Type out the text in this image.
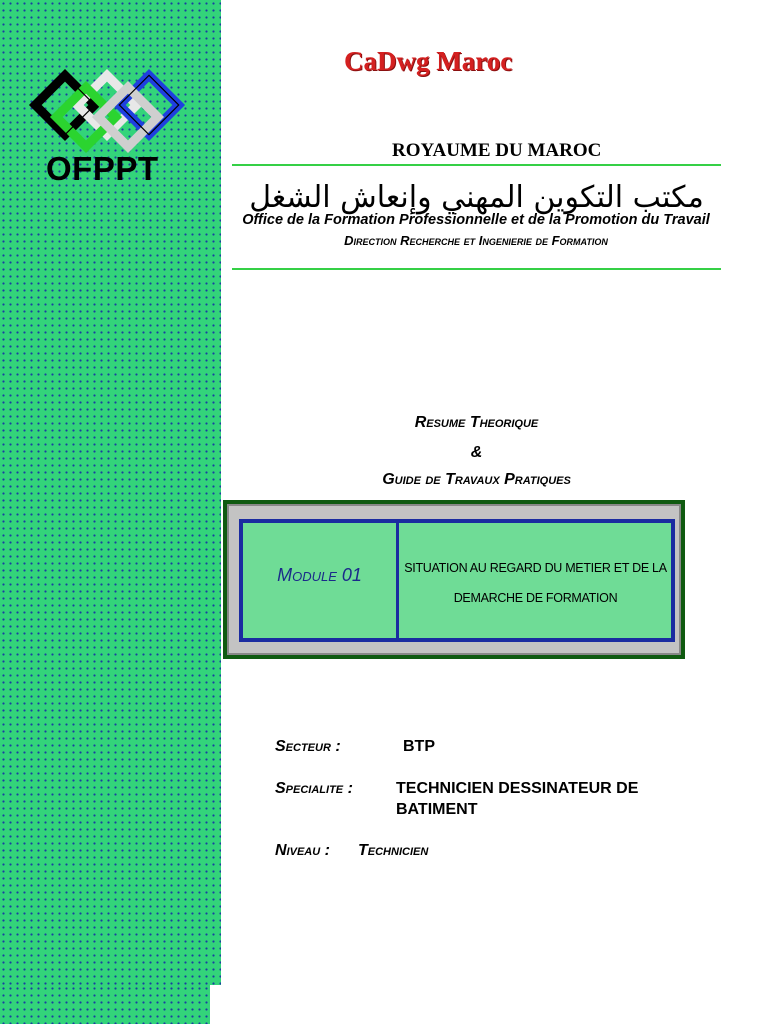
OFPPT
CaDwg Maroc
ROYAUME DU MAROC
مكتب التكوين المهني وإنعاش الشغل
Office de la Formation Professionnelle et de la Promotion du Travail
Direction Recherche et Ingenierie de Formation
Resume Theorique
&
Guide de Travaux Pratiques
Module 01	SITUATION AU REGARD DU METIER ET DE LA
DEMARCHE DE FORMATION
Secteur :	BTP
Specialite :	TECHNICIEN DESSINATEUR DE
BATIMENT
Niveau : Technicien
